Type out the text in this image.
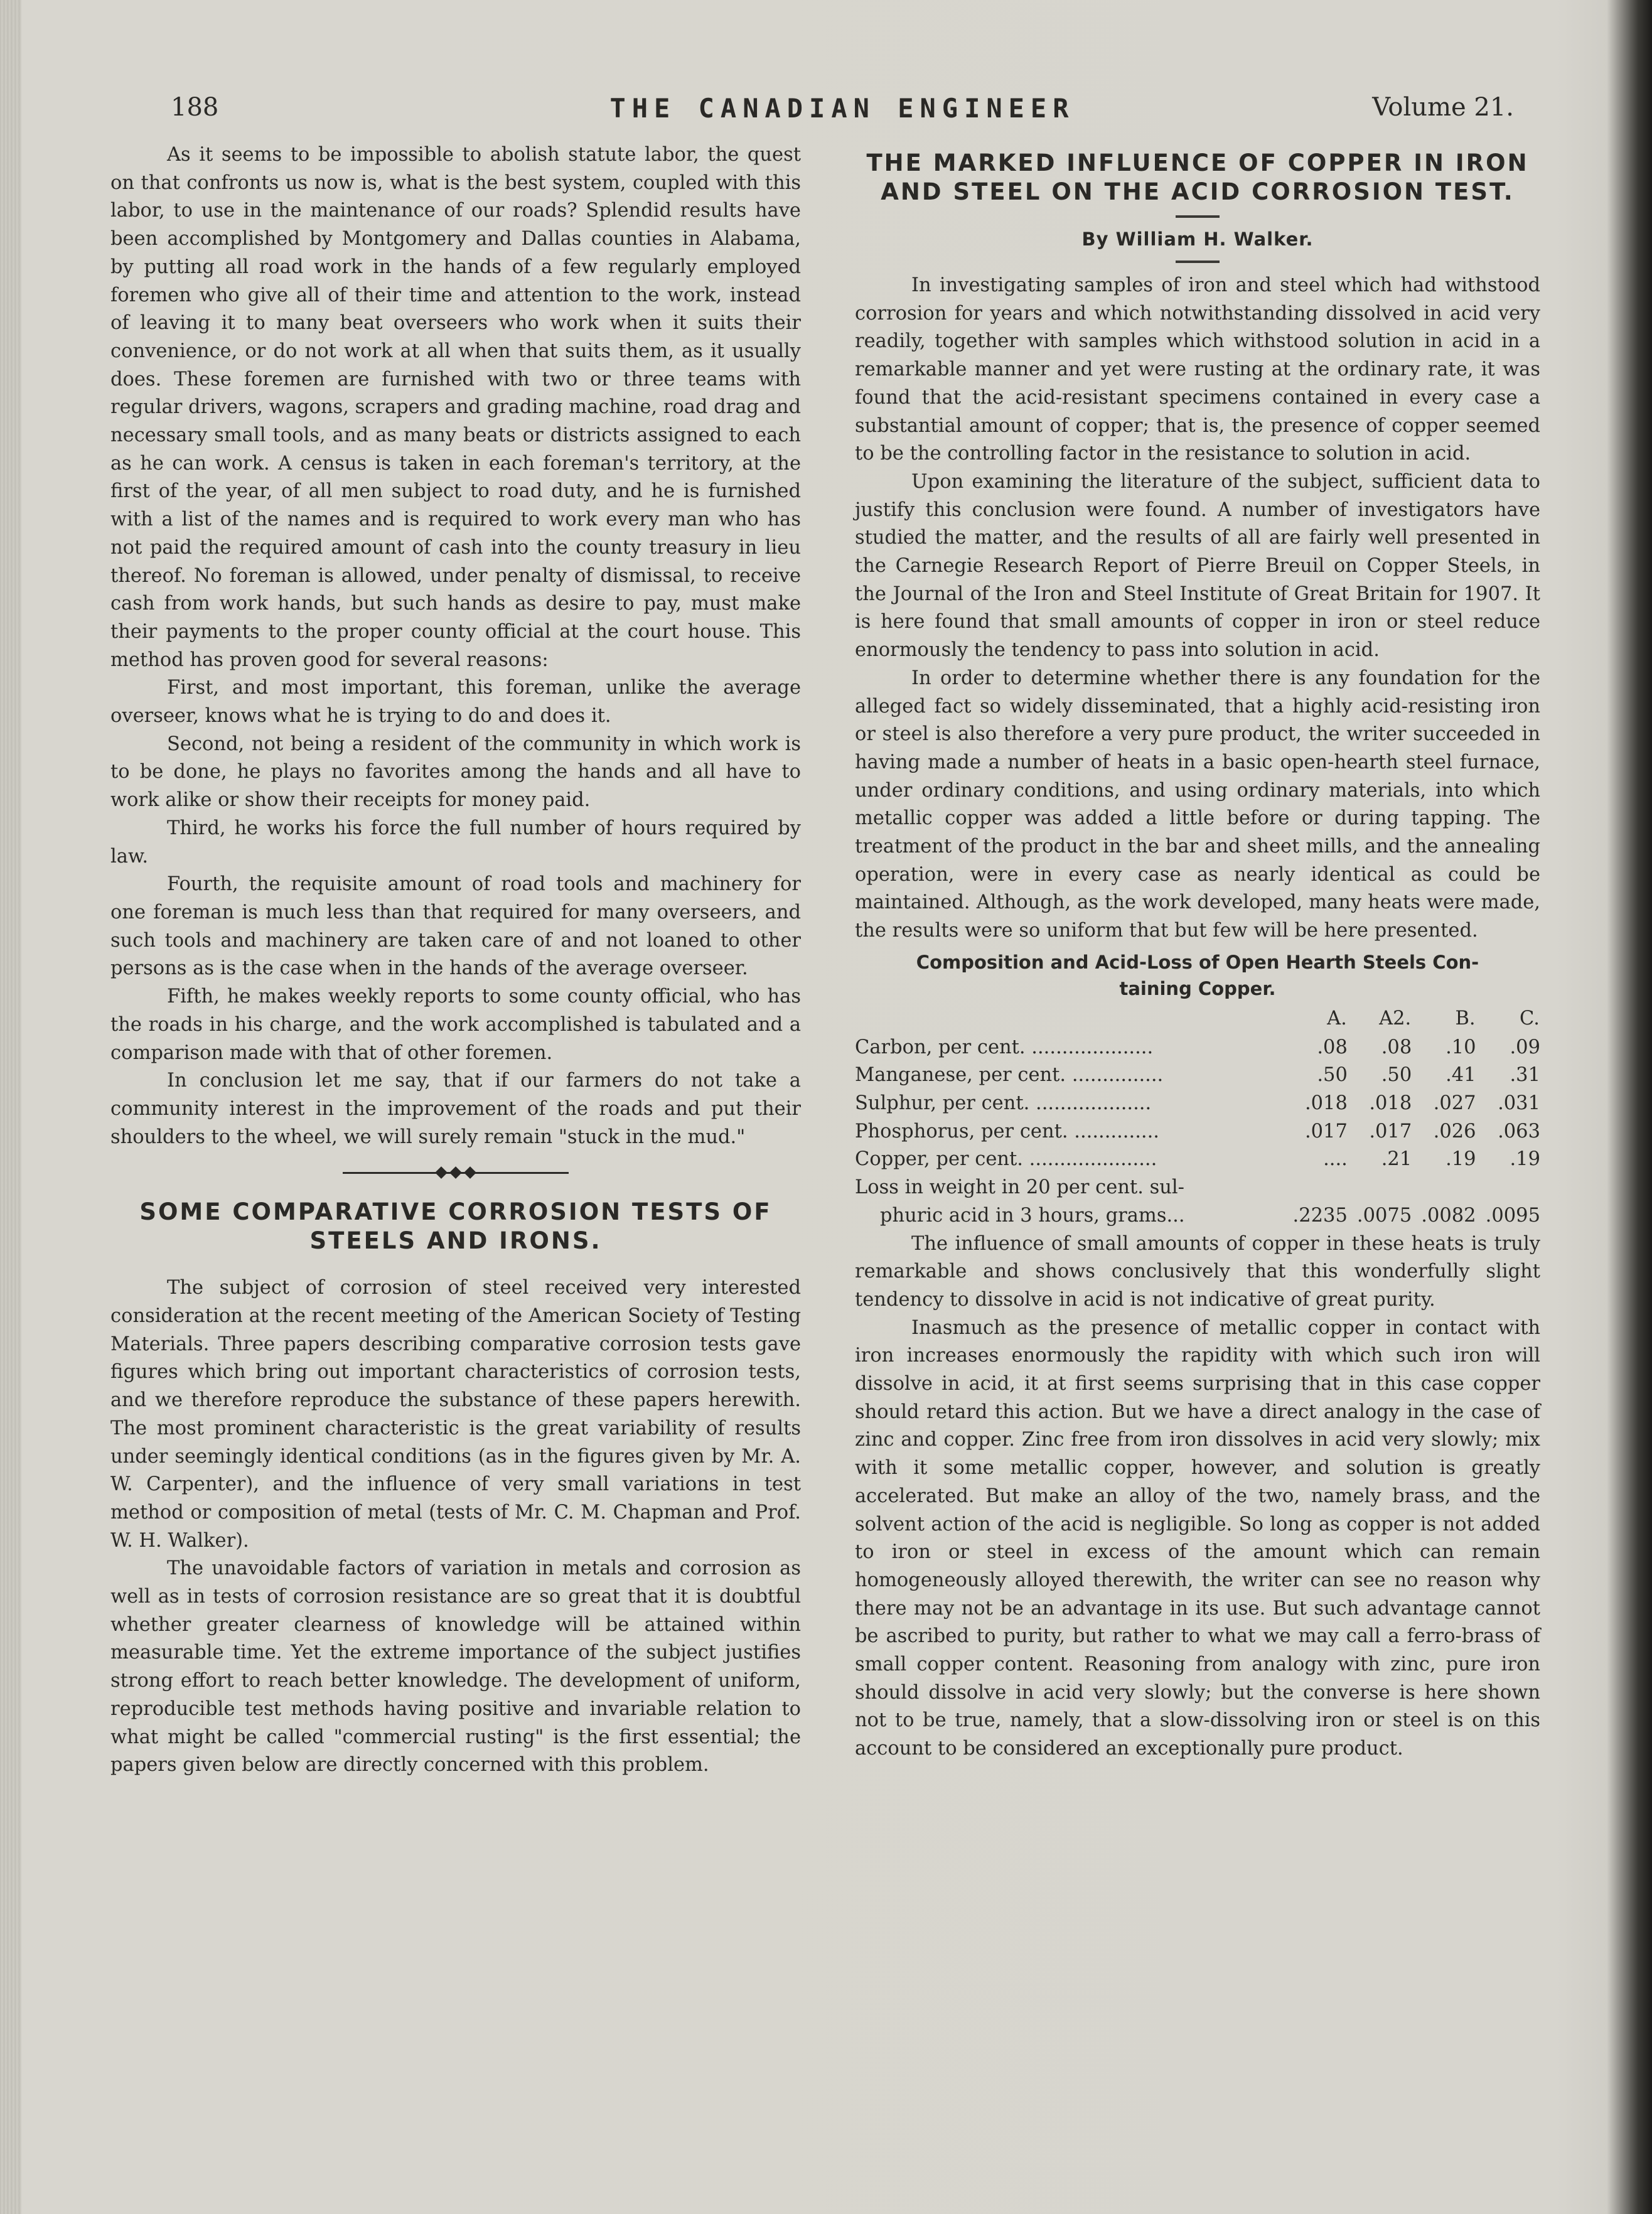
188	THE CANADIAN ENGINEER	Volume 21.

As it seems to be impossible to abolish statute labor, the quest on that confronts us now is, what is the best system, coupled with this labor, to use in the maintenance of our roads? Splendid results have been accomplished by Montgomery and Dallas counties in Alabama, by putting all road work in the hands of a few regularly employed foremen who give all of their time and attention to the work, instead of leaving it to many beat overseers who work when it suits their convenience, or do not work at all when that suits them, as it usually does. These foremen are furnished with two or three teams with regular drivers, wagons, scrapers and grading machine, road drag and necessary small tools, and as many beats or districts assigned to each as he can work. A census is taken in each foreman's territory, at the first of the year, of all men subject to road duty, and he is furnished with a list of the names and is required to work every man who has not paid the required amount of cash into the county treasury in lieu thereof. No foreman is allowed, under penalty of dismissal, to receive cash from work hands, but such hands as desire to pay, must make their payments to the proper county official at the court house. This method has proven good for several reasons:

First, and most important, this foreman, unlike the average overseer, knows what he is trying to do and does it.

Second, not being a resident of the community in which work is to be done, he plays no favorites among the hands and all have to work alike or show their receipts for money paid.

Third, he works his force the full number of hours required by law.

Fourth, the requisite amount of road tools and machinery for one foreman is much less than that required for many overseers, and such tools and machinery are taken care of and not loaned to other persons as is the case when in the hands of the average overseer.

Fifth, he makes weekly reports to some county official, who has the roads in his charge, and the work accomplished is tabulated and a comparison made with that of other foremen.

In conclusion let me say, that if our farmers do not take a community interest in the improvement of the roads and put their shoulders to the wheel, we will surely remain "stuck in the mud."

SOME COMPARATIVE CORROSION TESTS OF STEELS AND IRONS.

The subject of corrosion of steel received very interested consideration at the recent meeting of the American Society of Testing Materials. Three papers describing comparative corrosion tests gave figures which bring out important characteristics of corrosion tests, and we therefore reproduce the substance of these papers herewith. The most prominent characteristic is the great variability of results under seemingly identical conditions (as in the figures given by Mr. A. W. Carpenter), and the influence of very small variations in test method or composition of metal (tests of Mr. C. M. Chapman and Prof. W. H. Walker).

The unavoidable factors of variation in metals and corrosion as well as in tests of corrosion resistance are so great that it is doubtful whether greater clearness of knowledge will be attained within measurable time. Yet the extreme importance of the subject justifies strong effort to reach better knowledge. The development of uniform, reproducible test methods having positive and invariable relation to what might be called "commercial rusting" is the first essential; the papers given below are directly concerned with this problem.

THE MARKED INFLUENCE OF COPPER IN IRON AND STEEL ON THE ACID CORROSION TEST.
By William H. Walker.

In investigating samples of iron and steel which had withstood corrosion for years and which notwithstanding dissolved in acid very readily, together with samples which withstood solution in acid in a remarkable manner and yet were rusting at the ordinary rate, it was found that the acid-resistant specimens contained in every case a substantial amount of copper; that is, the presence of copper seemed to be the controlling factor in the resistance to solution in acid.

Upon examining the literature of the subject, sufficient data to justify this conclusion were found. A number of investigators have studied the matter, and the results of all are fairly well presented in the Carnegie Research Report of Pierre Breuil on Copper Steels, in the Journal of the Iron and Steel Institute of Great Britain for 1907. It is here found that small amounts of copper in iron or steel reduce enormously the tendency to pass into solution in acid.

In order to determine whether there is any foundation for the alleged fact so widely disseminated, that a highly acid-resisting iron or steel is also therefore a very pure product, the writer succeeded in having made a number of heats in a basic open-hearth steel furnace, under ordinary conditions, and using ordinary materials, into which metallic copper was added a little before or during tapping. The treatment of the product in the bar and sheet mills, and the annealing operation, were in every case as nearly identical as could be maintained. Although, as the work developed, many heats were made, the results were so uniform that but few will be here presented.

Composition and Acid-Loss of Open Hearth Steels Con-
taining Copper.
	A.	A2.	B.	C.
Carbon, per cent. ....................	.08	.08	.10	.09
Manganese, per cent. ...............	.50	.50	.41	.31
Sulphur, per cent. ...................	.018	.018	.027	.031
Phosphorus, per cent. ..............	.017	.017	.026	.063
Copper, per cent. .....................	....	.21	.19	.19
Loss in weight in 20 per cent. sul-				
phuric acid in 3 hours, grams...	.2235	.0075	.0082	.0095

The influence of small amounts of copper in these heats is truly remarkable and shows conclusively that this wonderfully slight tendency to dissolve in acid is not indicative of great purity.

Inasmuch as the presence of metallic copper in contact with iron increases enormously the rapidity with which such iron will dissolve in acid, it at first seems surprising that in this case copper should retard this action. But we have a direct analogy in the case of zinc and copper. Zinc free from iron dissolves in acid very slowly; mix with it some metallic copper, however, and solution is greatly accelerated. But make an alloy of the two, namely brass, and the solvent action of the acid is negligible. So long as copper is not added to iron or steel in excess of the amount which can remain homogeneously alloyed therewith, the writer can see no reason why there may not be an advantage in its use. But such advantage cannot be ascribed to purity, but rather to what we may call a ferro-brass of small copper content. Reasoning from analogy with zinc, pure iron should dissolve in acid very slowly; but the converse is here shown not to be true, namely, that a slow-dissolving iron or steel is on this account to be considered an exceptionally pure product.
